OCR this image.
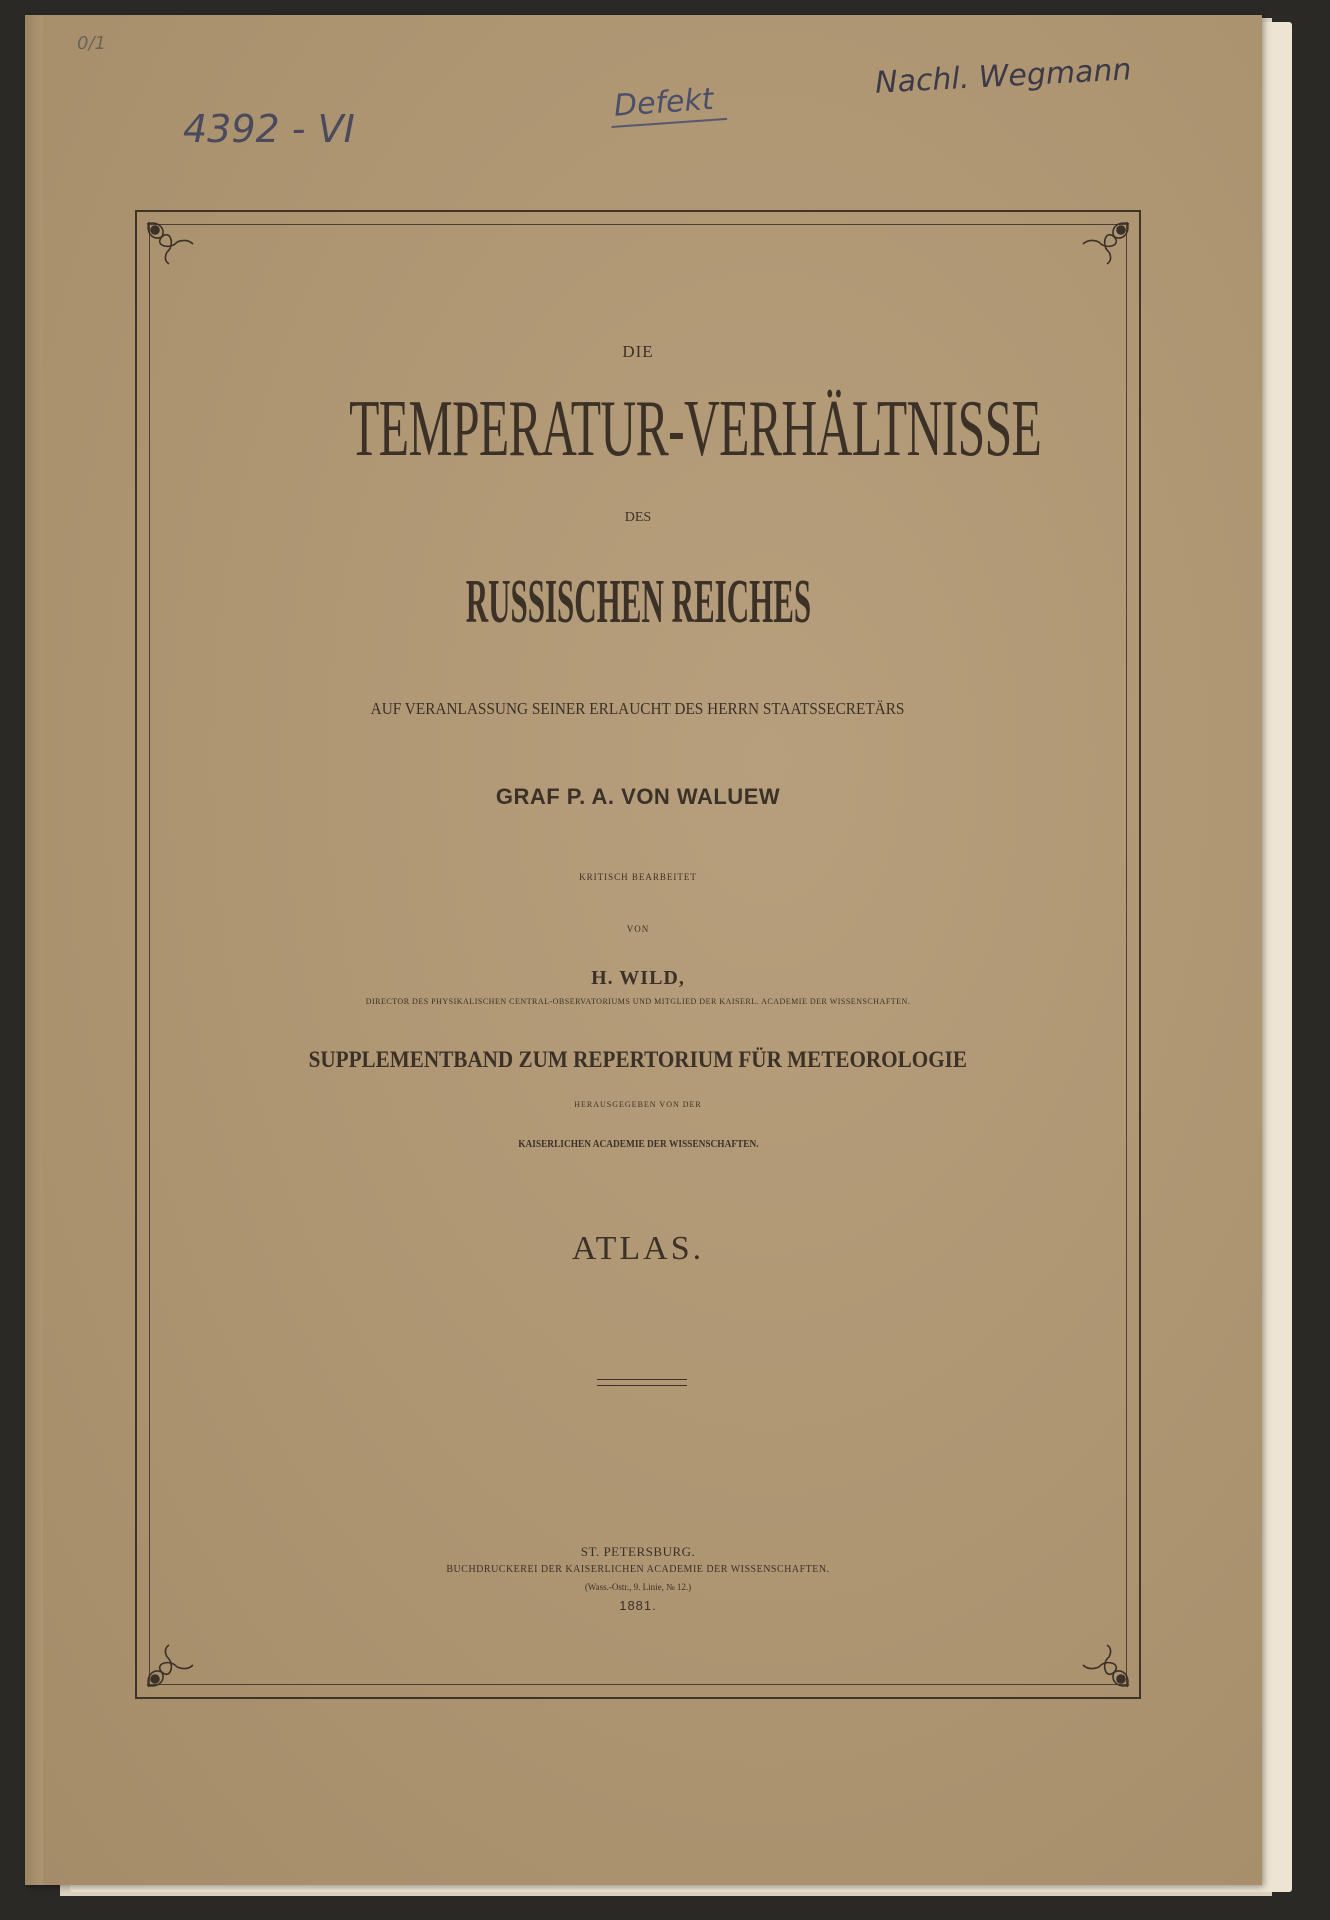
0/1
4392 - VI
Defekt
Nachl. Wegmann
DIE
TEMPERATUR-VERHÄLTNISSE
DES
RUSSISCHEN REICHES
AUF VERANLASSUNG SEINER ERLAUCHT DES HERRN STAATSSECRETÄRS
GRAF P. A. VON WALUEW
KRITISCH BEARBEITET
VON
H. WILD,
DIRECTOR DES PHYSIKALISCHEN CENTRAL-OBSERVATORIUMS UND MITGLIED DER KAISERL. ACADEMIE DER WISSENSCHAFTEN.
SUPPLEMENTBAND ZUM REPERTORIUM FÜR METEOROLOGIE
HERAUSGEGEBEN VON DER
KAISERLICHEN ACADEMIE DER WISSENSCHAFTEN.
ATLAS.
ST. PETERSBURG.
BUCHDRUCKEREI DER KAISERLICHEN ACADEMIE DER WISSENSCHAFTEN.
(Wass.-Ostr., 9. Linie, № 12.)
1881.
